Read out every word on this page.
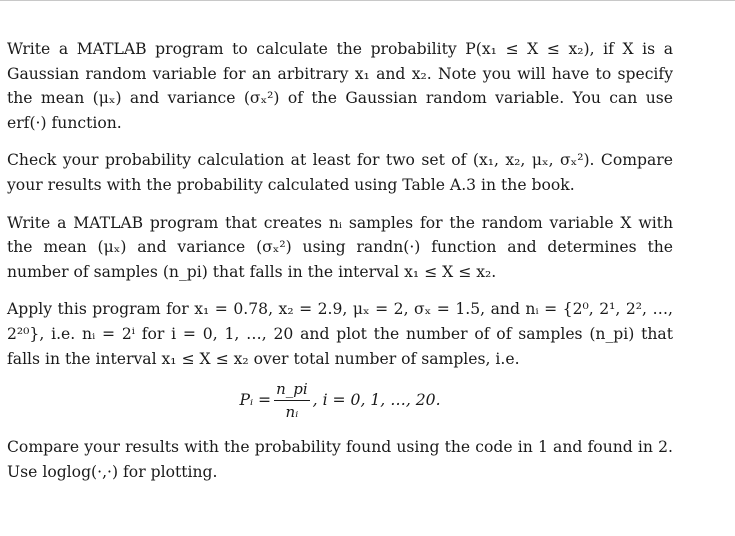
Write a MATLAB program to calculate the probability P(x₁ ≤ X ≤ x₂), if X is a Gaussian random variable for an arbitrary x₁ and x₂. Note you will have to specify the mean (μₓ) and variance (σₓ²) of the Gaussian random variable. You can use erf(·) function.

Check your probability calculation at least for two set of (x₁, x₂, μₓ, σₓ²). Compare your results with the probability calculated using Table A.3 in the book.

Write a MATLAB program that creates nᵢ samples for the random variable X with the mean (μₓ) and variance (σₓ²) using randn(·) function and determines the number of samples (n_pi) that falls in the interval x₁ ≤ X ≤ x₂.

Apply this program for x₁ = 0.78, x₂ = 2.9, μₓ = 2, σₓ = 1.5, and nᵢ = {2⁰, 2¹, 2², …, 2²⁰}, i.e. nᵢ = 2ⁱ for i = 0, 1, …, 20 and plot the number of of samples (n_pi) that falls in the interval x₁ ≤ X ≤ x₂ over total number of samples, i.e.

Pᵢ = $\frac{n\_pi}{\text{nᵢ}}$ , i = 0, 1, …, 20.

Compare your results with the probability found using the code in 1 and found in 2. Use loglog(·,·) for plotting.
